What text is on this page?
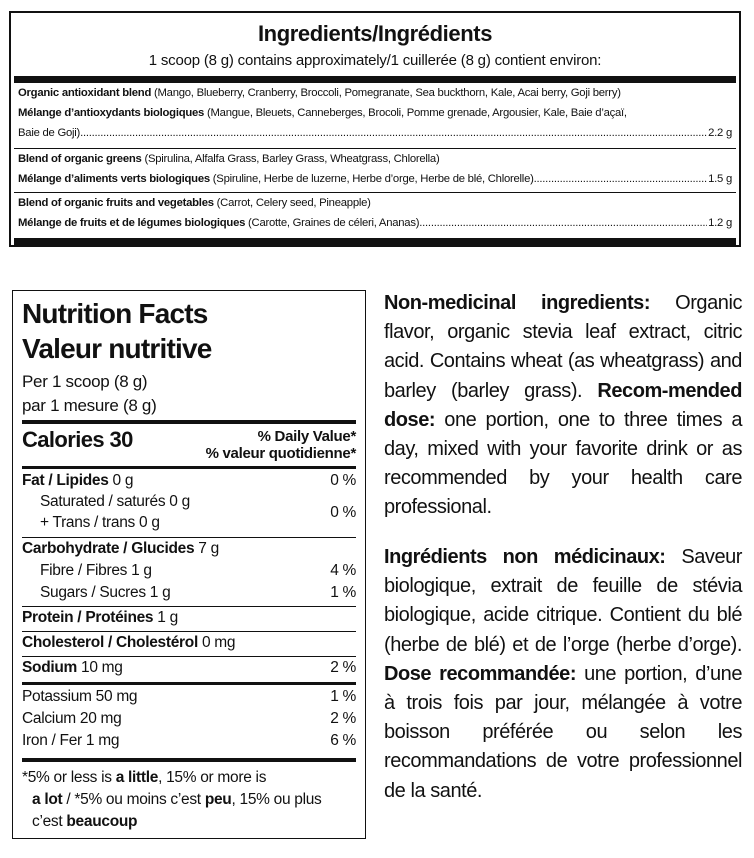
Ingredients/Ingrédients
1 scoop (8 g) contains approximately/1 cuillerée (8 g) contient environ:
Organic antioxidant blend (Mango, Blueberry, Cranberry, Broccoli, Pomegranate, Sea buckthorn, Kale, Acai berry, Goji berry)
Mélange d’antioxydants biologiques (Mangue, Bleuets, Canneberges, Brocoli, Pomme grenade, Argousier, Kale, Baie d’açaï,
Baie de Goji) .....	2.2 g
Blend of organic greens (Spirulina, Alfalfa Grass, Barley Grass, Wheatgrass, Chlorella)
Mélange d’aliments verts biologiques (Spiruline, Herbe de luzerne, Herbe d’orge, Herbe de blé, Chlorelle) .....	1.5 g
Blend of organic fruits and vegetables (Carrot, Celery seed, Pineapple)
Mélange de fruits et de légumes biologiques (Carotte, Graines de céleri, Ananas) .....	1.2 g
Nutrition Facts
Valeur nutritive
Per 1 scoop (8 g)
par 1 mesure (8 g)
Calories 30	% Daily Value*
% valeur quotidienne*
Fat / Lipides 0 g	0 %
Saturated / saturés 0 g
+ Trans / trans 0 g
0 %
Carbohydrate / Glucides 7 g
Fibre / Fibres 1 g	4 %
Sugars / Sucres 1 g	1 %
Protein / Protéines 1 g
Cholesterol / Cholestérol 0 mg
Sodium 10 mg	2 %
Potassium 50 mg	1 %
Calcium 20 mg	2 %
Iron / Fer 1 mg	6 %
*5% or less is a little, 15% or more is
a lot / *5% ou moins c’est peu, 15% ou plus
c’est beaucoup
Non-medicinal ingredients: Organic flavor, organic stevia leaf extract, citric acid. Contains wheat (as wheatgrass) and barley (barley grass). Recom-mended dose: one portion, one to three times a day, mixed with your favorite drink or as recommended by your health care professional.
Ingrédients non médicinaux: Saveur biologique, extrait de feuille de stévia biologique, acide citrique. Contient du blé (herbe de blé) et de l’orge (herbe d’orge). Dose recommandée: une portion, d’une à trois fois par jour, mélangée à votre boisson préférée ou selon les recommandations de votre professionnel de la santé.
